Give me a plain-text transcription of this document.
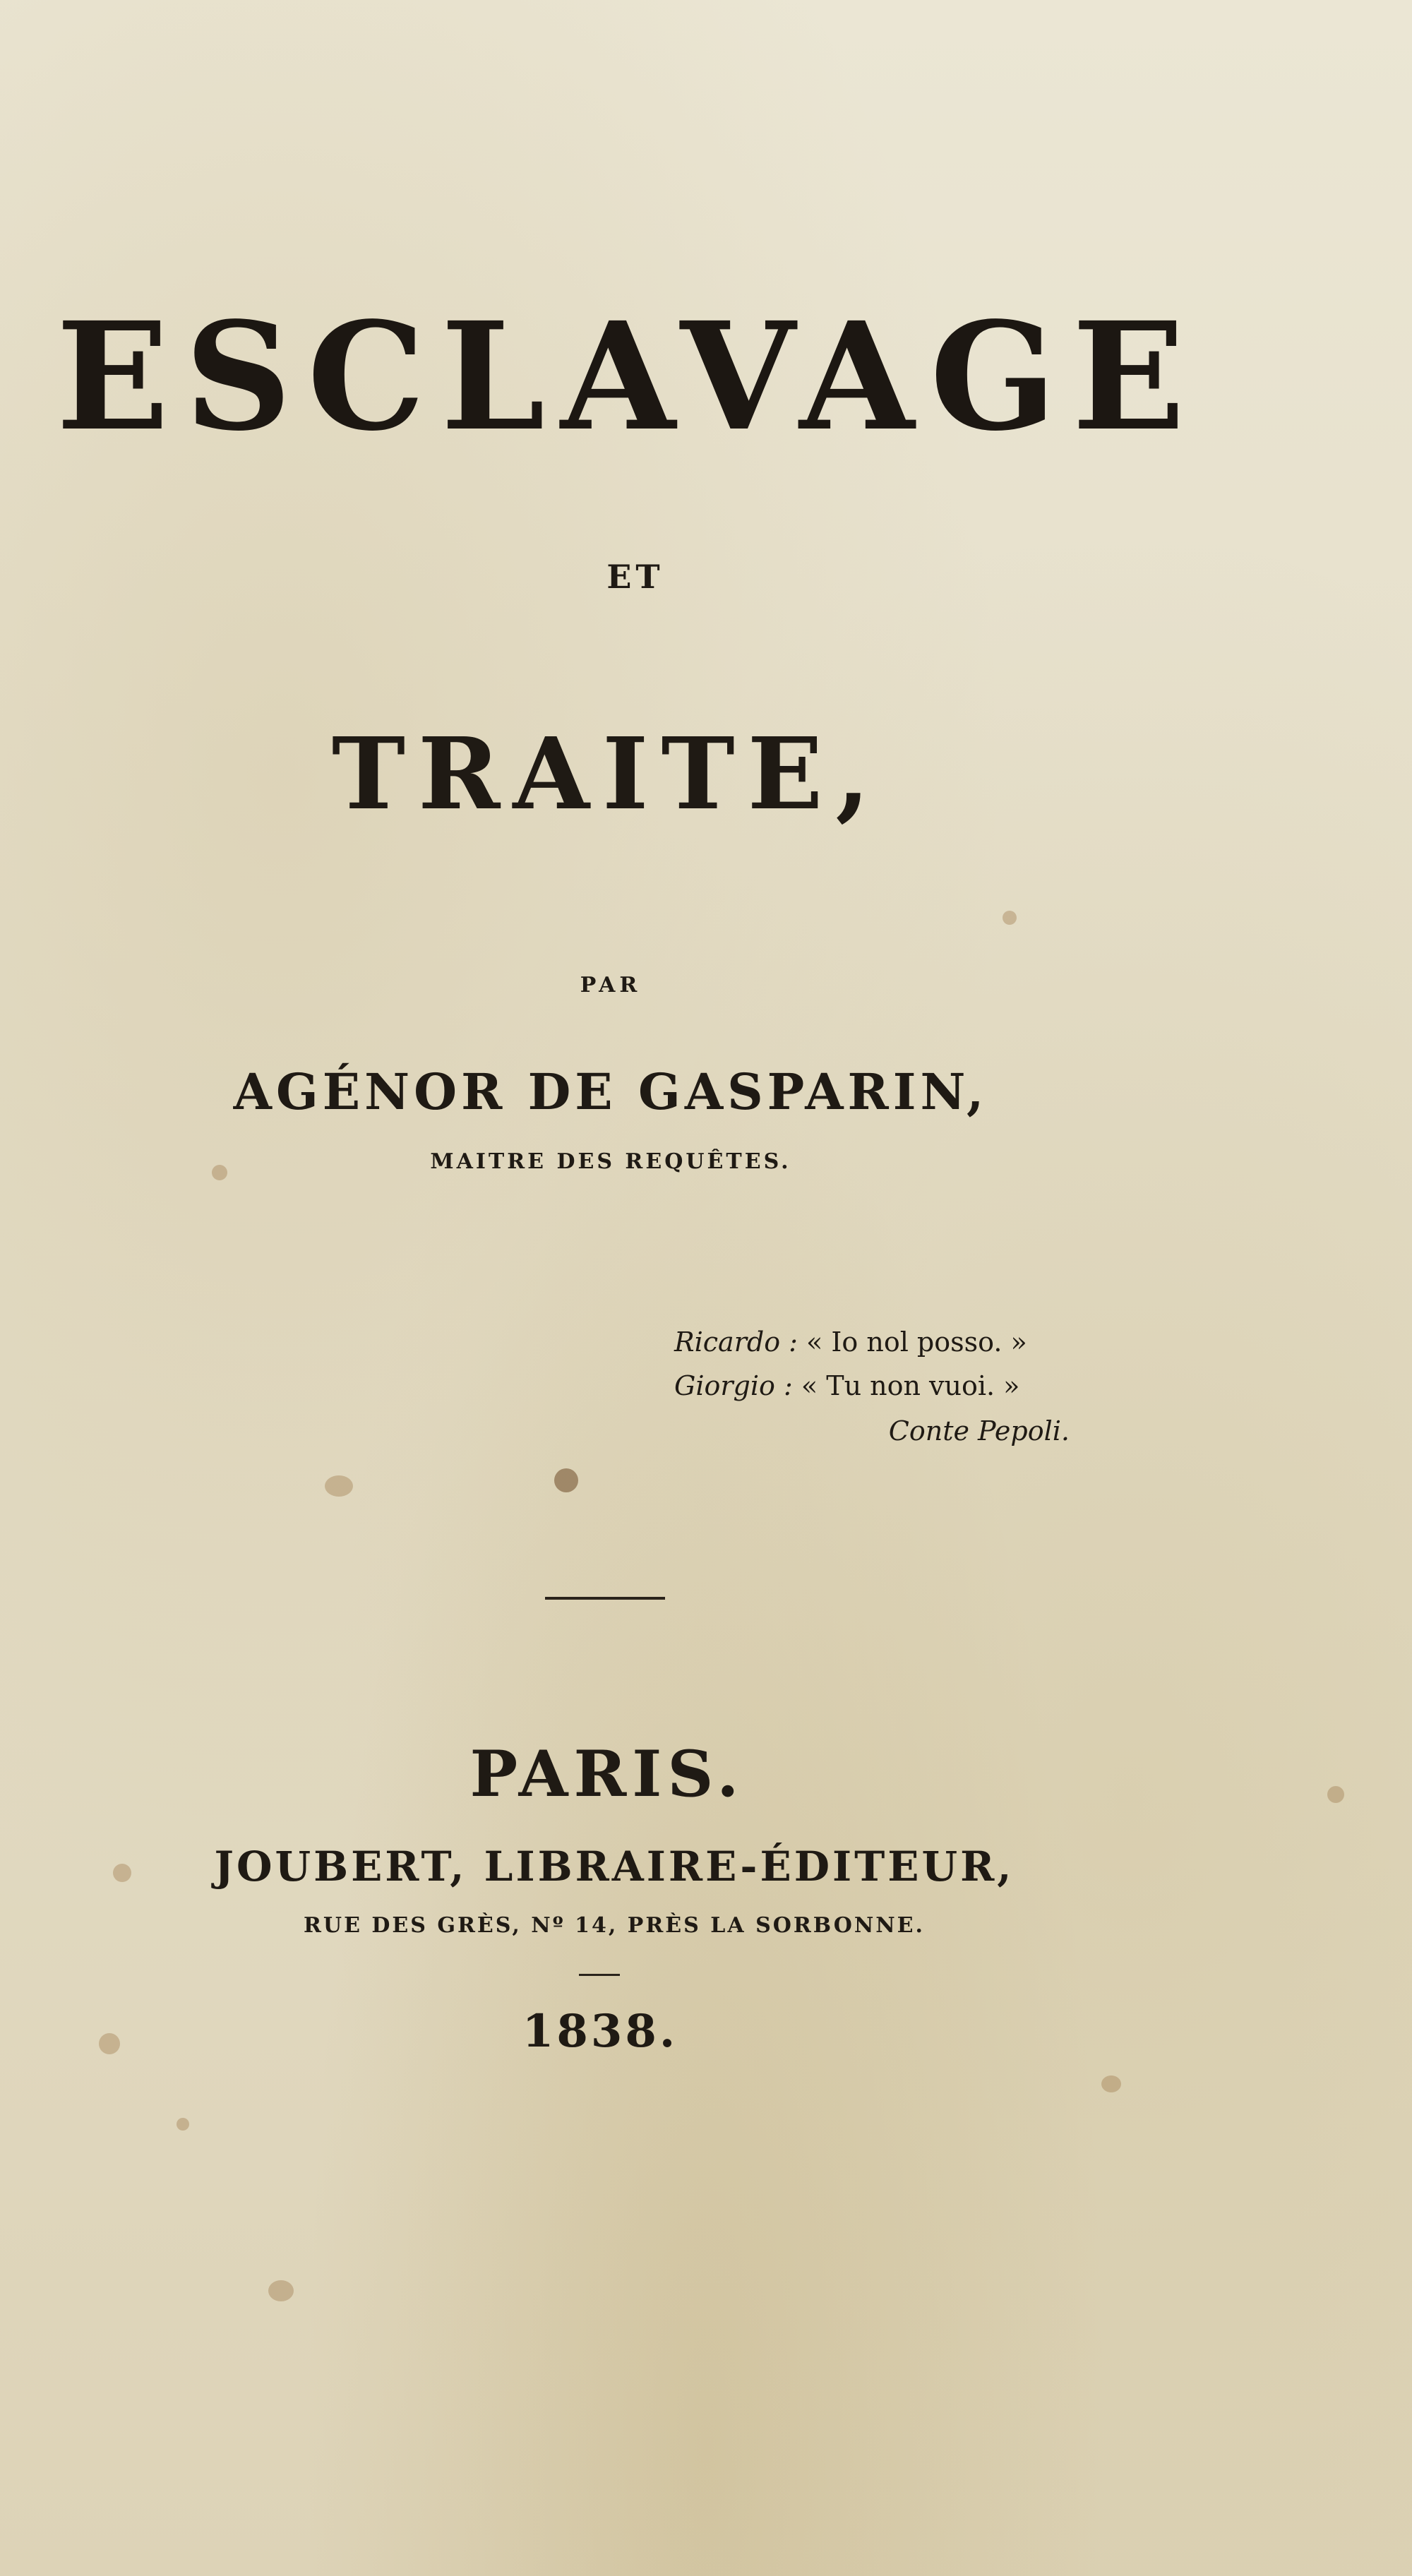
ESCLAVAGE
ET
TRAITE,
PAR
AGÉNOR DE GASPARIN,
MAITRE DES REQUÊTES.
Ricardo : « Io nol posso. »
Giorgio : « Tu non vuoi. »
Conte Pepoli.
PARIS.
JOUBERT, LIBRAIRE-ÉDITEUR,
RUE DES GRÈS, Nº 14, PRÈS LA SORBONNE.
1838.
